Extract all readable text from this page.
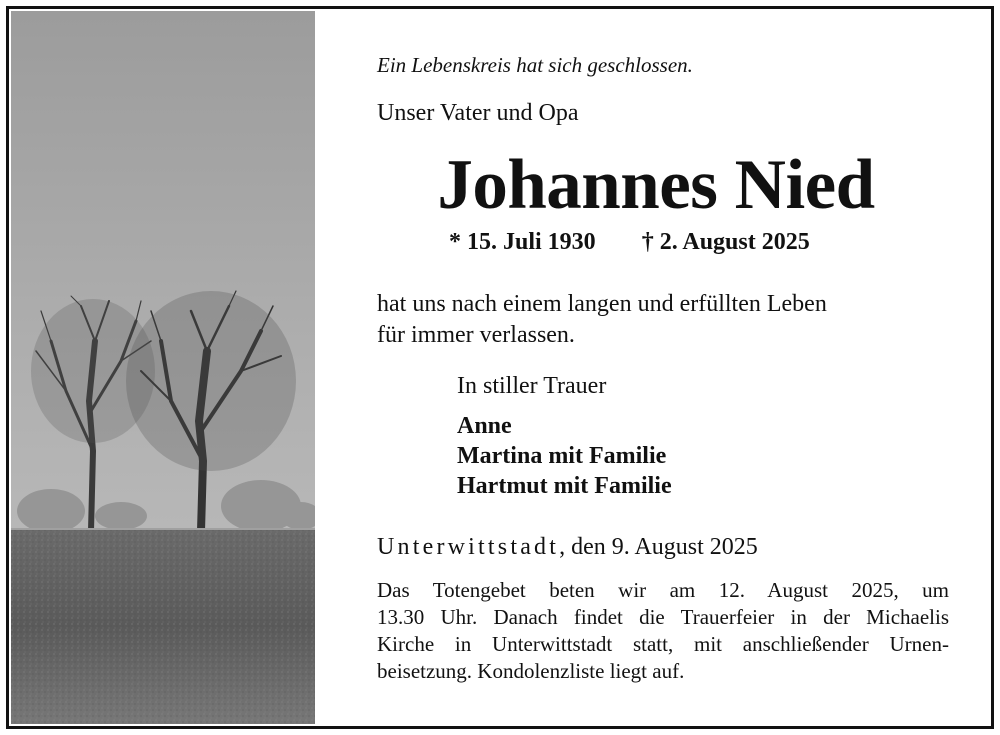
Ein Lebenskreis hat sich geschlossen.

Unser Vater und Opa

Johannes Nied

* 15. Juli 1930 † 2. August 2025

hat uns nach einem langen und erfüllten Leben
für immer verlassen.

In stiller Trauer

Anne
Martina mit Familie
Hartmut mit Familie

Unterwittstadt, den 9. August 2025

Das Totengebet beten wir am 12. August 2025, um
13.30 Uhr. Danach findet die Trauerfeier in der Michaelis
Kirche in Unterwittstadt statt, mit anschließender Urnen-
beisetzung. Kondolenzliste liegt auf.
